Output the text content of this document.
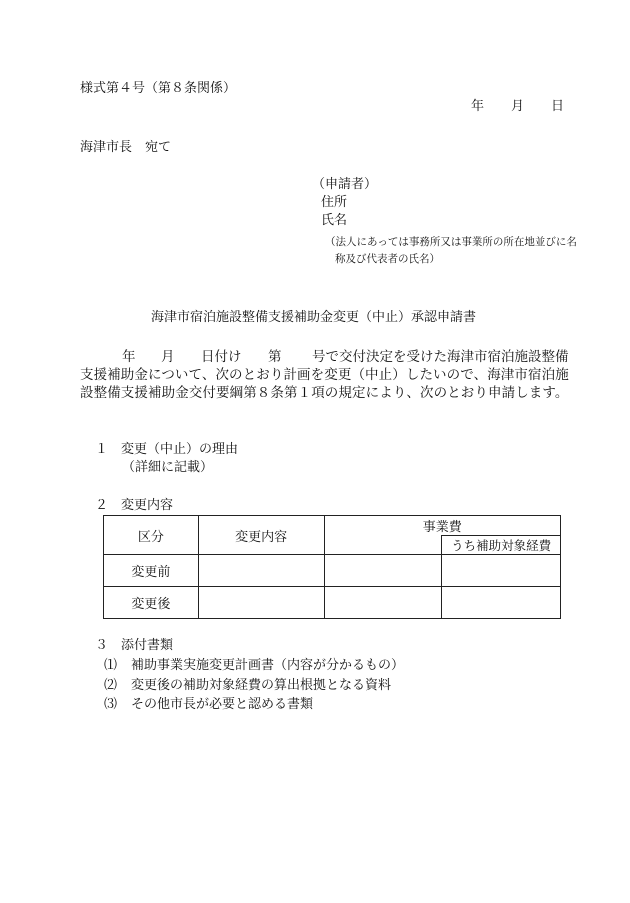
様式第４号（第８条関係）
年 月 日
海津市長　宛て
（申請者）
住所
氏名
（法人にあっては事務所又は事業所の所在地並びに名
称及び代表者の氏名）
海津市宿泊施設整備支援補助金変更（中止）承認申請書
年 月 日付け 第 号で交付決定を受けた海津市宿泊施設整備
支援補助金について、次のとおり計画を変更（中止）したいので、海津市宿泊施
設整備支援補助金交付要綱第８条第１項の規定により、次のとおり申請します。
１　変更（中止）の理由
（詳細に記載）
２　変更内容
区分	変更内容	事業費	
			うち補助対象経費
変更前			
変更後			
３　添付書類
⑴ 補助事業実施変更計画書（内容が分かるもの）
⑵ 変更後の補助対象経費の算出根拠となる資料
⑶ その他市長が必要と認める書類
